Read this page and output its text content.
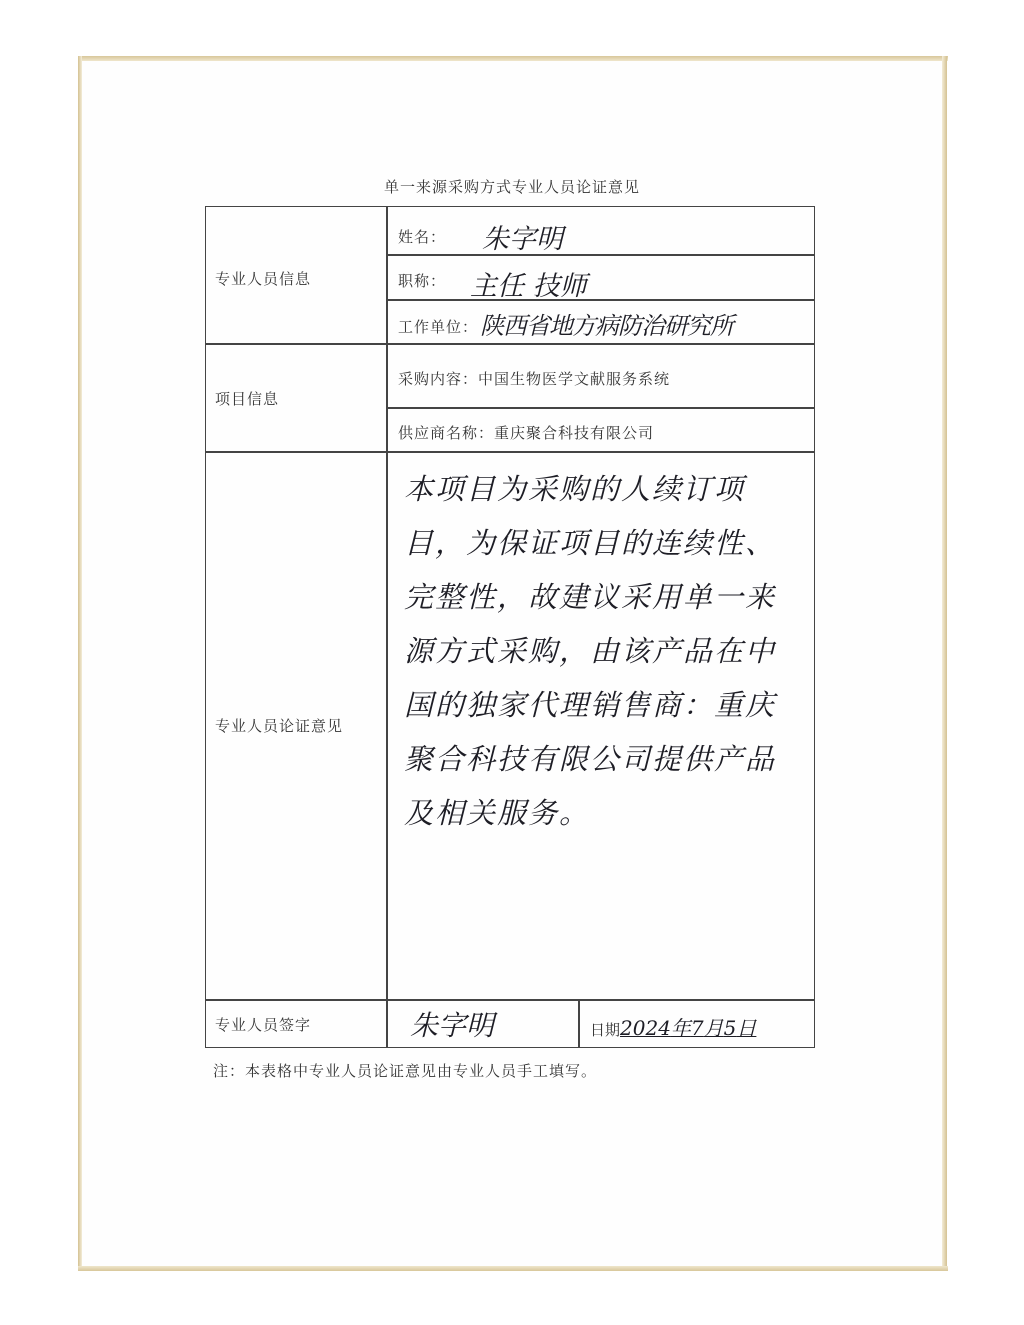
单一来源采购方式专业人员论证意见
专业人员信息
姓名： 朱字明
职称： 主任 技师
工作单位： 陕西省地方病防治研究所
项目信息
采购内容：中国生物医学文献服务系统
供应商名称：重庆聚合科技有限公司
专业人员论证意见
本项目为采购的人续订项目，为保证项目的连续性、完整性，故建议采用单一来源方式采购，由该产品在中国的独家代理销售商：重庆聚合科技有限公司提供产品及相关服务。
专业人员签字	朱字明	日期2024年7月5日
注：本表格中专业人员论证意见由专业人员手工填写。
